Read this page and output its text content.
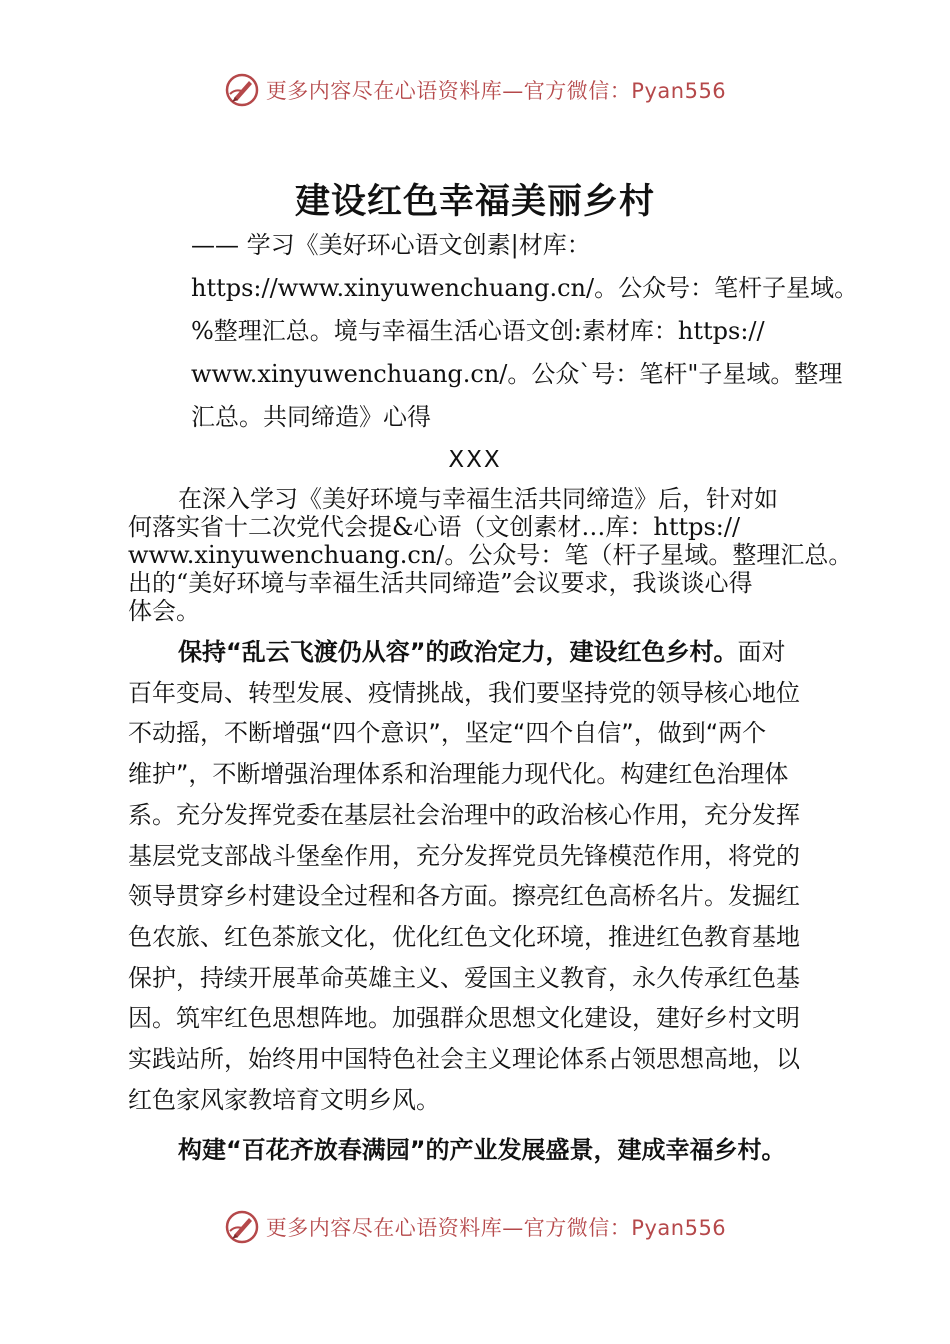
更多内容尽在心语资料库—官方微信：Pyan556
建设红色幸福美丽乡村
—— 学习《美好环心语文创素|材库：
https://www.xinyuwenchuang.cn/。公众号：笔杆子星域。
%整理汇总。境与幸福生活心语文创:素材库：https://
www.xinyuwenchuang.cn/。公众`号：笔杆"子星域。整理
汇总。共同缔造》心得
XXX
在深入学习《美好环境与幸福生活共同缔造》后，针对如
何落实省十二次党代会提&心语（文创素材…库：https://
www.xinyuwenchuang.cn/。公众号：笔（杆子星域。整理汇总。
出的“美好环境与幸福生活共同缔造”会议要求，我谈谈心得
体会。
保持“乱云飞渡仍从容”的政治定力，建设红色乡村。面对
百年变局、转型发展、疫情挑战，我们要坚持党的领导核心地位
不动摇，不断增强“四个意识”，坚定“四个自信”，做到“两个
维护”，不断增强治理体系和治理能力现代化。构建红色治理体
系。充分发挥党委在基层社会治理中的政治核心作用，充分发挥
基层党支部战斗堡垒作用，充分发挥党员先锋模范作用，将党的
领导贯穿乡村建设全过程和各方面。擦亮红色高桥名片。发掘红
色农旅、红色茶旅文化，优化红色文化环境，推进红色教育基地
保护，持续开展革命英雄主义、爱国主义教育，永久传承红色基
因。筑牢红色思想阵地。加强群众思想文化建设，建好乡村文明
实践站所，始终用中国特色社会主义理论体系占领思想高地，以
红色家风家教培育文明乡风。
构建“百花齐放春满园”的产业发展盛景，建成幸福乡村。
更多内容尽在心语资料库—官方微信：Pyan556
